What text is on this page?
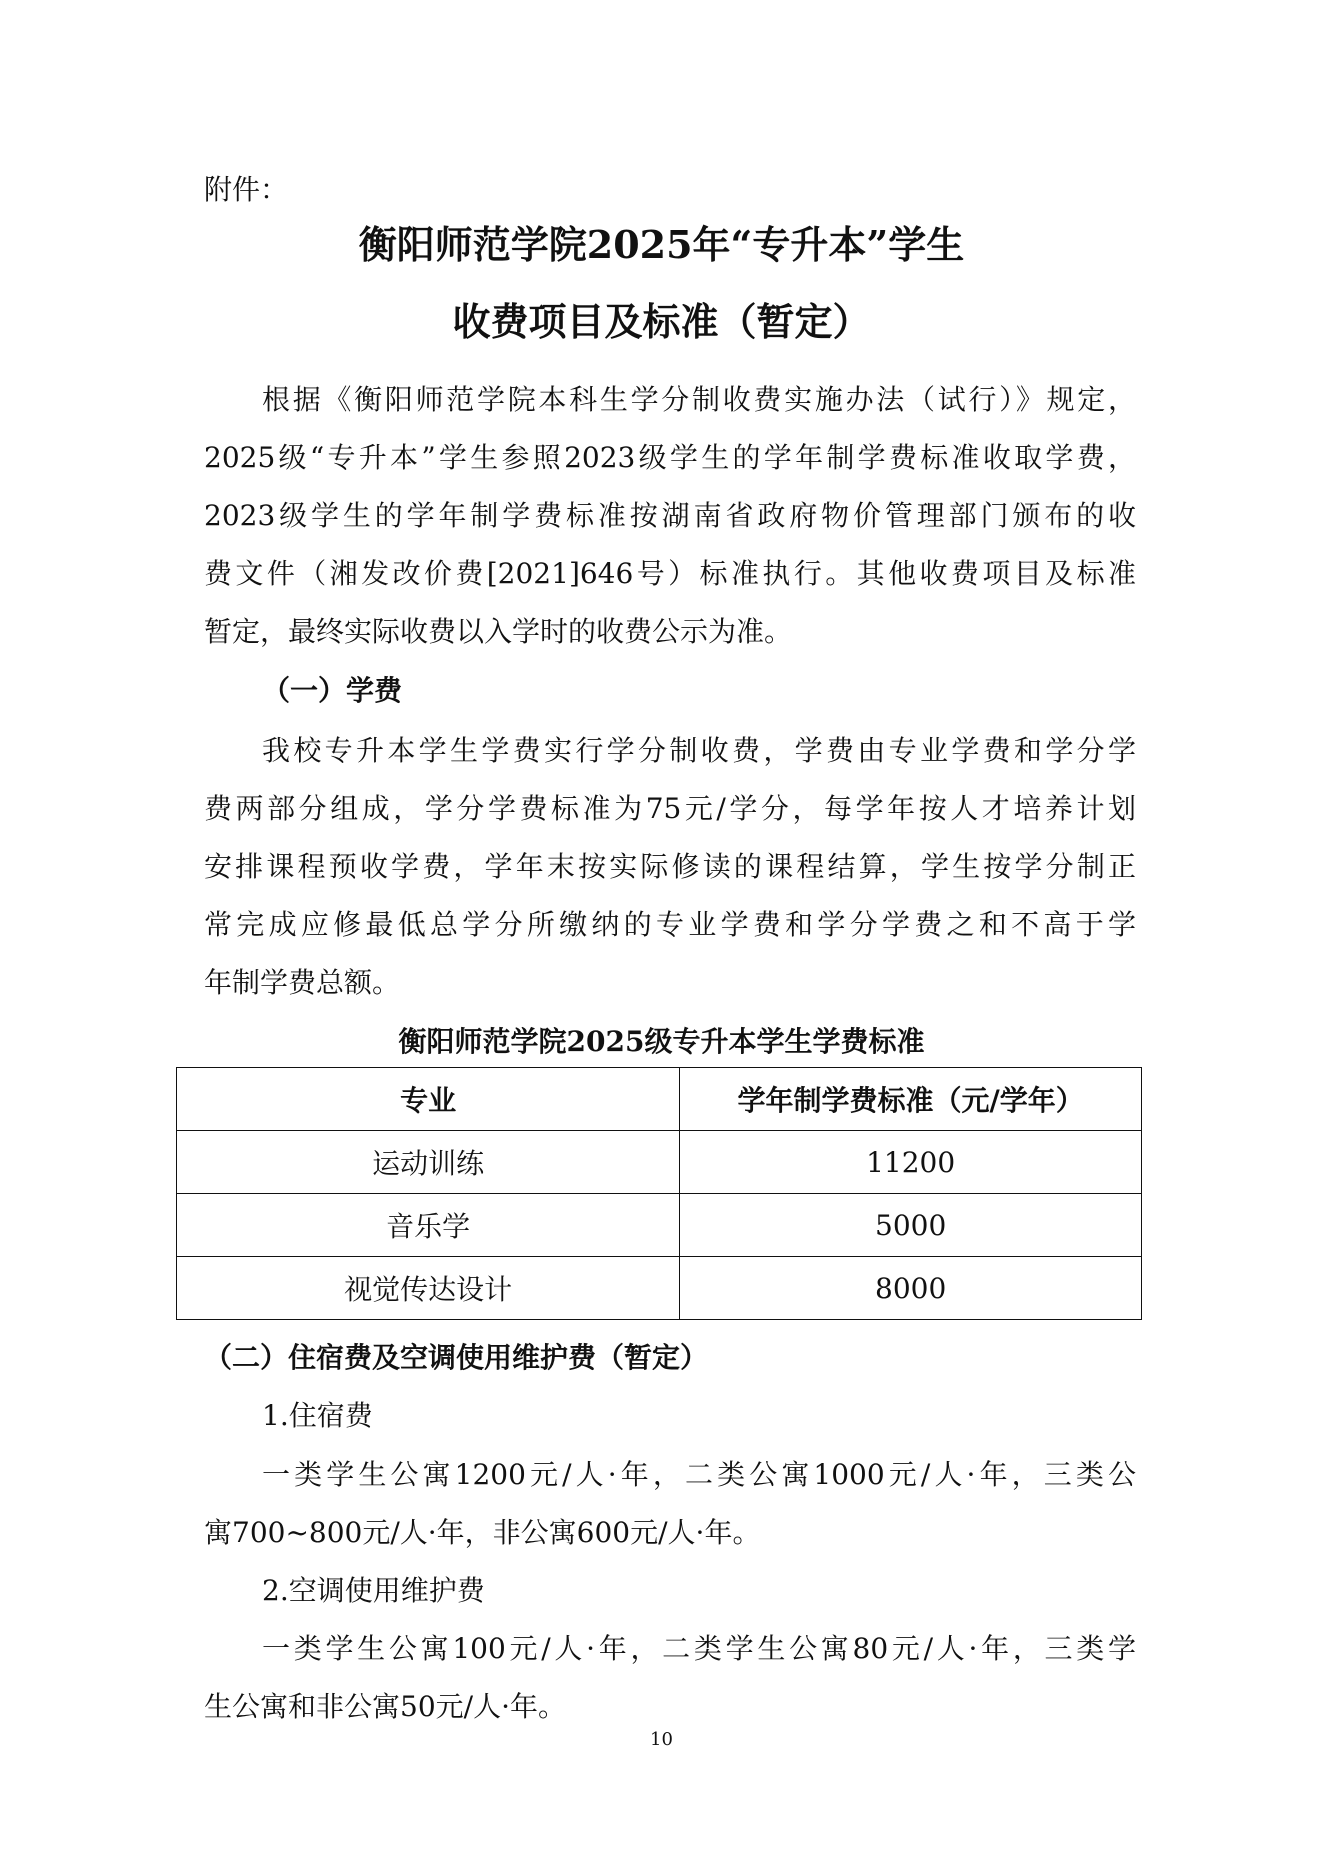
附件：
衡阳师范学院2025年“专升本”学生
收费项目及标准（暂定）
根据《衡阳师范学院本科生学分制收费实施办法（试行）》规定，
2025级“专升本”学生参照2023级学生的学年制学费标准收取学费，
2023级学生的学年制学费标准按湖南省政府物价管理部门颁布的收
费文件（湘发改价费[2021]646号）标准执行。其他收费项目及标准
暂定，最终实际收费以入学时的收费公示为准。
（一）学费
我校专升本学生学费实行学分制收费，学费由专业学费和学分学
费两部分组成，学分学费标准为75元/学分，每学年按人才培养计划
安排课程预收学费，学年末按实际修读的课程结算，学生按学分制正
常完成应修最低总学分所缴纳的专业学费和学分学费之和不高于学
年制学费总额。
衡阳师范学院2025级专升本学生学费标准
专业	学年制学费标准（元/学年）
运动训练	11200
音乐学	5000
视觉传达设计	8000
（二）住宿费及空调使用维护费（暂定）
1.住宿费
一类学生公寓1200元/人·年，二类公寓1000元/人·年，三类公
寓700~800元/人·年，非公寓600元/人·年。
2.空调使用维护费
一类学生公寓100元/人·年，二类学生公寓80元/人·年，三类学
生公寓和非公寓50元/人·年。
10
